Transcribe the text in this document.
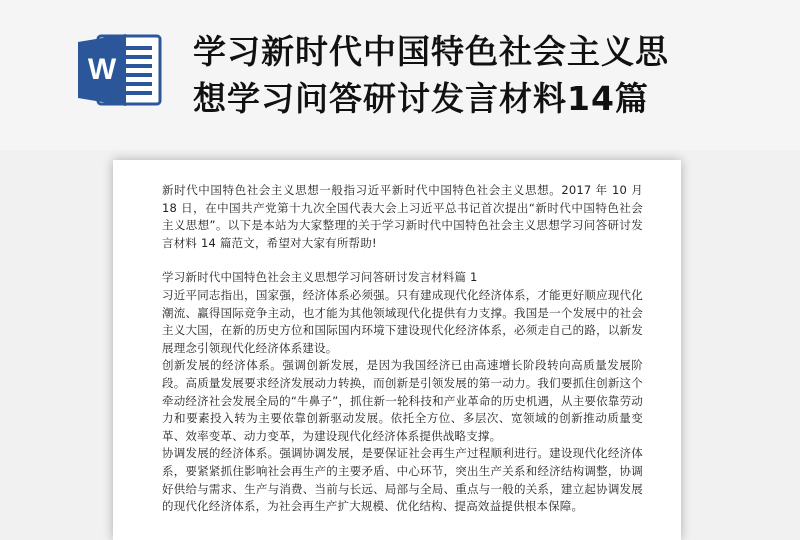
W 学习新时代中国特色社会主义思
想学习问答研讨发言材料14篇

新时代中国特色社会主义思想一般指习近平新时代中国特色社会主义思想。2017 年 10 月 18 日，在中国共产党第十九次全国代表大会上习近平总书记首次提出“新时代中国特色社会主义思想”。以下是本站为大家整理的关于学习新时代中国特色社会主义思想学习问答研讨发言材料 14 篇范文，希望对大家有所帮助!

学习新时代中国特色社会主义思想学习问答研讨发言材料篇 1

习近平同志指出，国家强，经济体系必须强。只有建成现代化经济体系，才能更好顺应现代化潮流、赢得国际竞争主动，也才能为其他领域现代化提供有力支撑。我国是一个发展中的社会主义大国，在新的历史方位和国际国内环境下建设现代化经济体系，必须走自己的路，以新发展理念引领现代化经济体系建设。

创新发展的经济体系。强调创新发展，是因为我国经济已由高速增长阶段转向高质量发展阶段。高质量发展要求经济发展动力转换，而创新是引领发展的第一动力。我们要抓住创新这个牵动经济社会发展全局的“牛鼻子”，抓住新一轮科技和产业革命的历史机遇，从主要依靠劳动力和要素投入转为主要依靠创新驱动发展。依托全方位、多层次、宽领域的创新推动质量变革、效率变革、动力变革，为建设现代化经济体系提供战略支撑。

协调发展的经济体系。强调协调发展，是要保证社会再生产过程顺利进行。建设现代化经济体系，要紧紧抓住影响社会再生产的主要矛盾、中心环节，突出生产关系和经济结构调整，协调好供给与需求、生产与消费、当前与长远、局部与全局、重点与一般的关系，建立起协调发展的现代化经济体系，为社会再生产扩大规模、优化结构、提高效益提供根本保障。
